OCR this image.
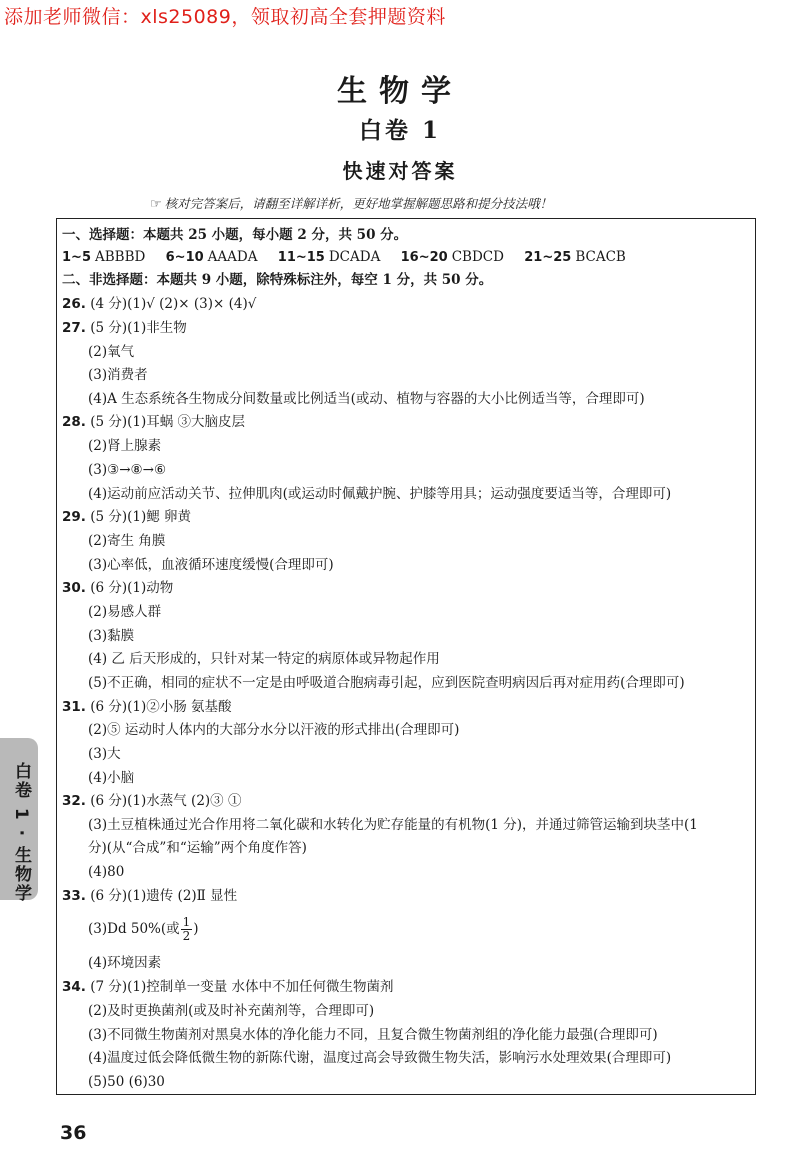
添加老师微信：xls25089，领取初高全套押题资料
生物学
白卷 1
快速对答案
☞ 核对完答案后，请翻至详解详析，更好地掌握解题思路和提分技法哦！
一、选择题：本题共 25 小题，每小题 2 分，共 50 分。
1~5 ABBBD 6~10 AAADA 11~15 DCADA 16~20 CBDCD 21~25 BCACB
二、非选择题：本题共 9 小题，除特殊标注外，每空 1 分，共 50 分。
26. (4 分)(1)√ (2)× (3)× (4)√
27. (5 分)(1)非生物
(2)氧气
(3)消费者
(4)A 生态系统各生物成分间数量或比例适当(或动、植物与容器的大小比例适当等，合理即可)
28. (5 分)(1)耳蜗 ③大脑皮层
(2)肾上腺素
(3)③→⑧→⑥
(4)运动前应活动关节、拉伸肌肉(或运动时佩戴护腕、护膝等用具；运动强度要适当等，合理即可)
29. (5 分)(1)鳃 卵黄
(2)寄生 角膜
(3)心率低，血液循环速度缓慢(合理即可)
30. (6 分)(1)动物
(2)易感人群
(3)黏膜
(4) 乙 后天形成的，只针对某一特定的病原体或异物起作用
(5)不正确，相同的症状不一定是由呼吸道合胞病毒引起，应到医院查明病因后再对症用药(合理即可)
31. (6 分)(1)②小肠 氨基酸
(2)⑤ 运动时人体内的大部分水分以汗液的形式排出(合理即可)
(3)大
(4)小脑
32. (6 分)(1)水蒸气 (2)③ ①
(3)土豆植株通过光合作用将二氧化碳和水转化为贮存能量的有机物(1 分)，并通过筛管运输到块茎中(1
分)(从“合成”和“运输”两个角度作答)
(4)80
33. (6 分)(1)遗传 (2)Ⅱ 显性
(3)Dd 50%(或 $\frac{1}{2}$ )
(4)环境因素
34. (7 分)(1)控制单一变量 水体中不加任何微生物菌剂
(2)及时更换菌剂(或及时补充菌剂等，合理即可)
(3)不同微生物菌剂对黑臭水体的净化能力不同，且复合微生物菌剂组的净化能力最强(合理即可)
(4)温度过低会降低微生物的新陈代谢，温度过高会导致微生物失活，影响污水处理效果(合理即可)
(5)50 (6)30
白卷 1 · 生物学
36
